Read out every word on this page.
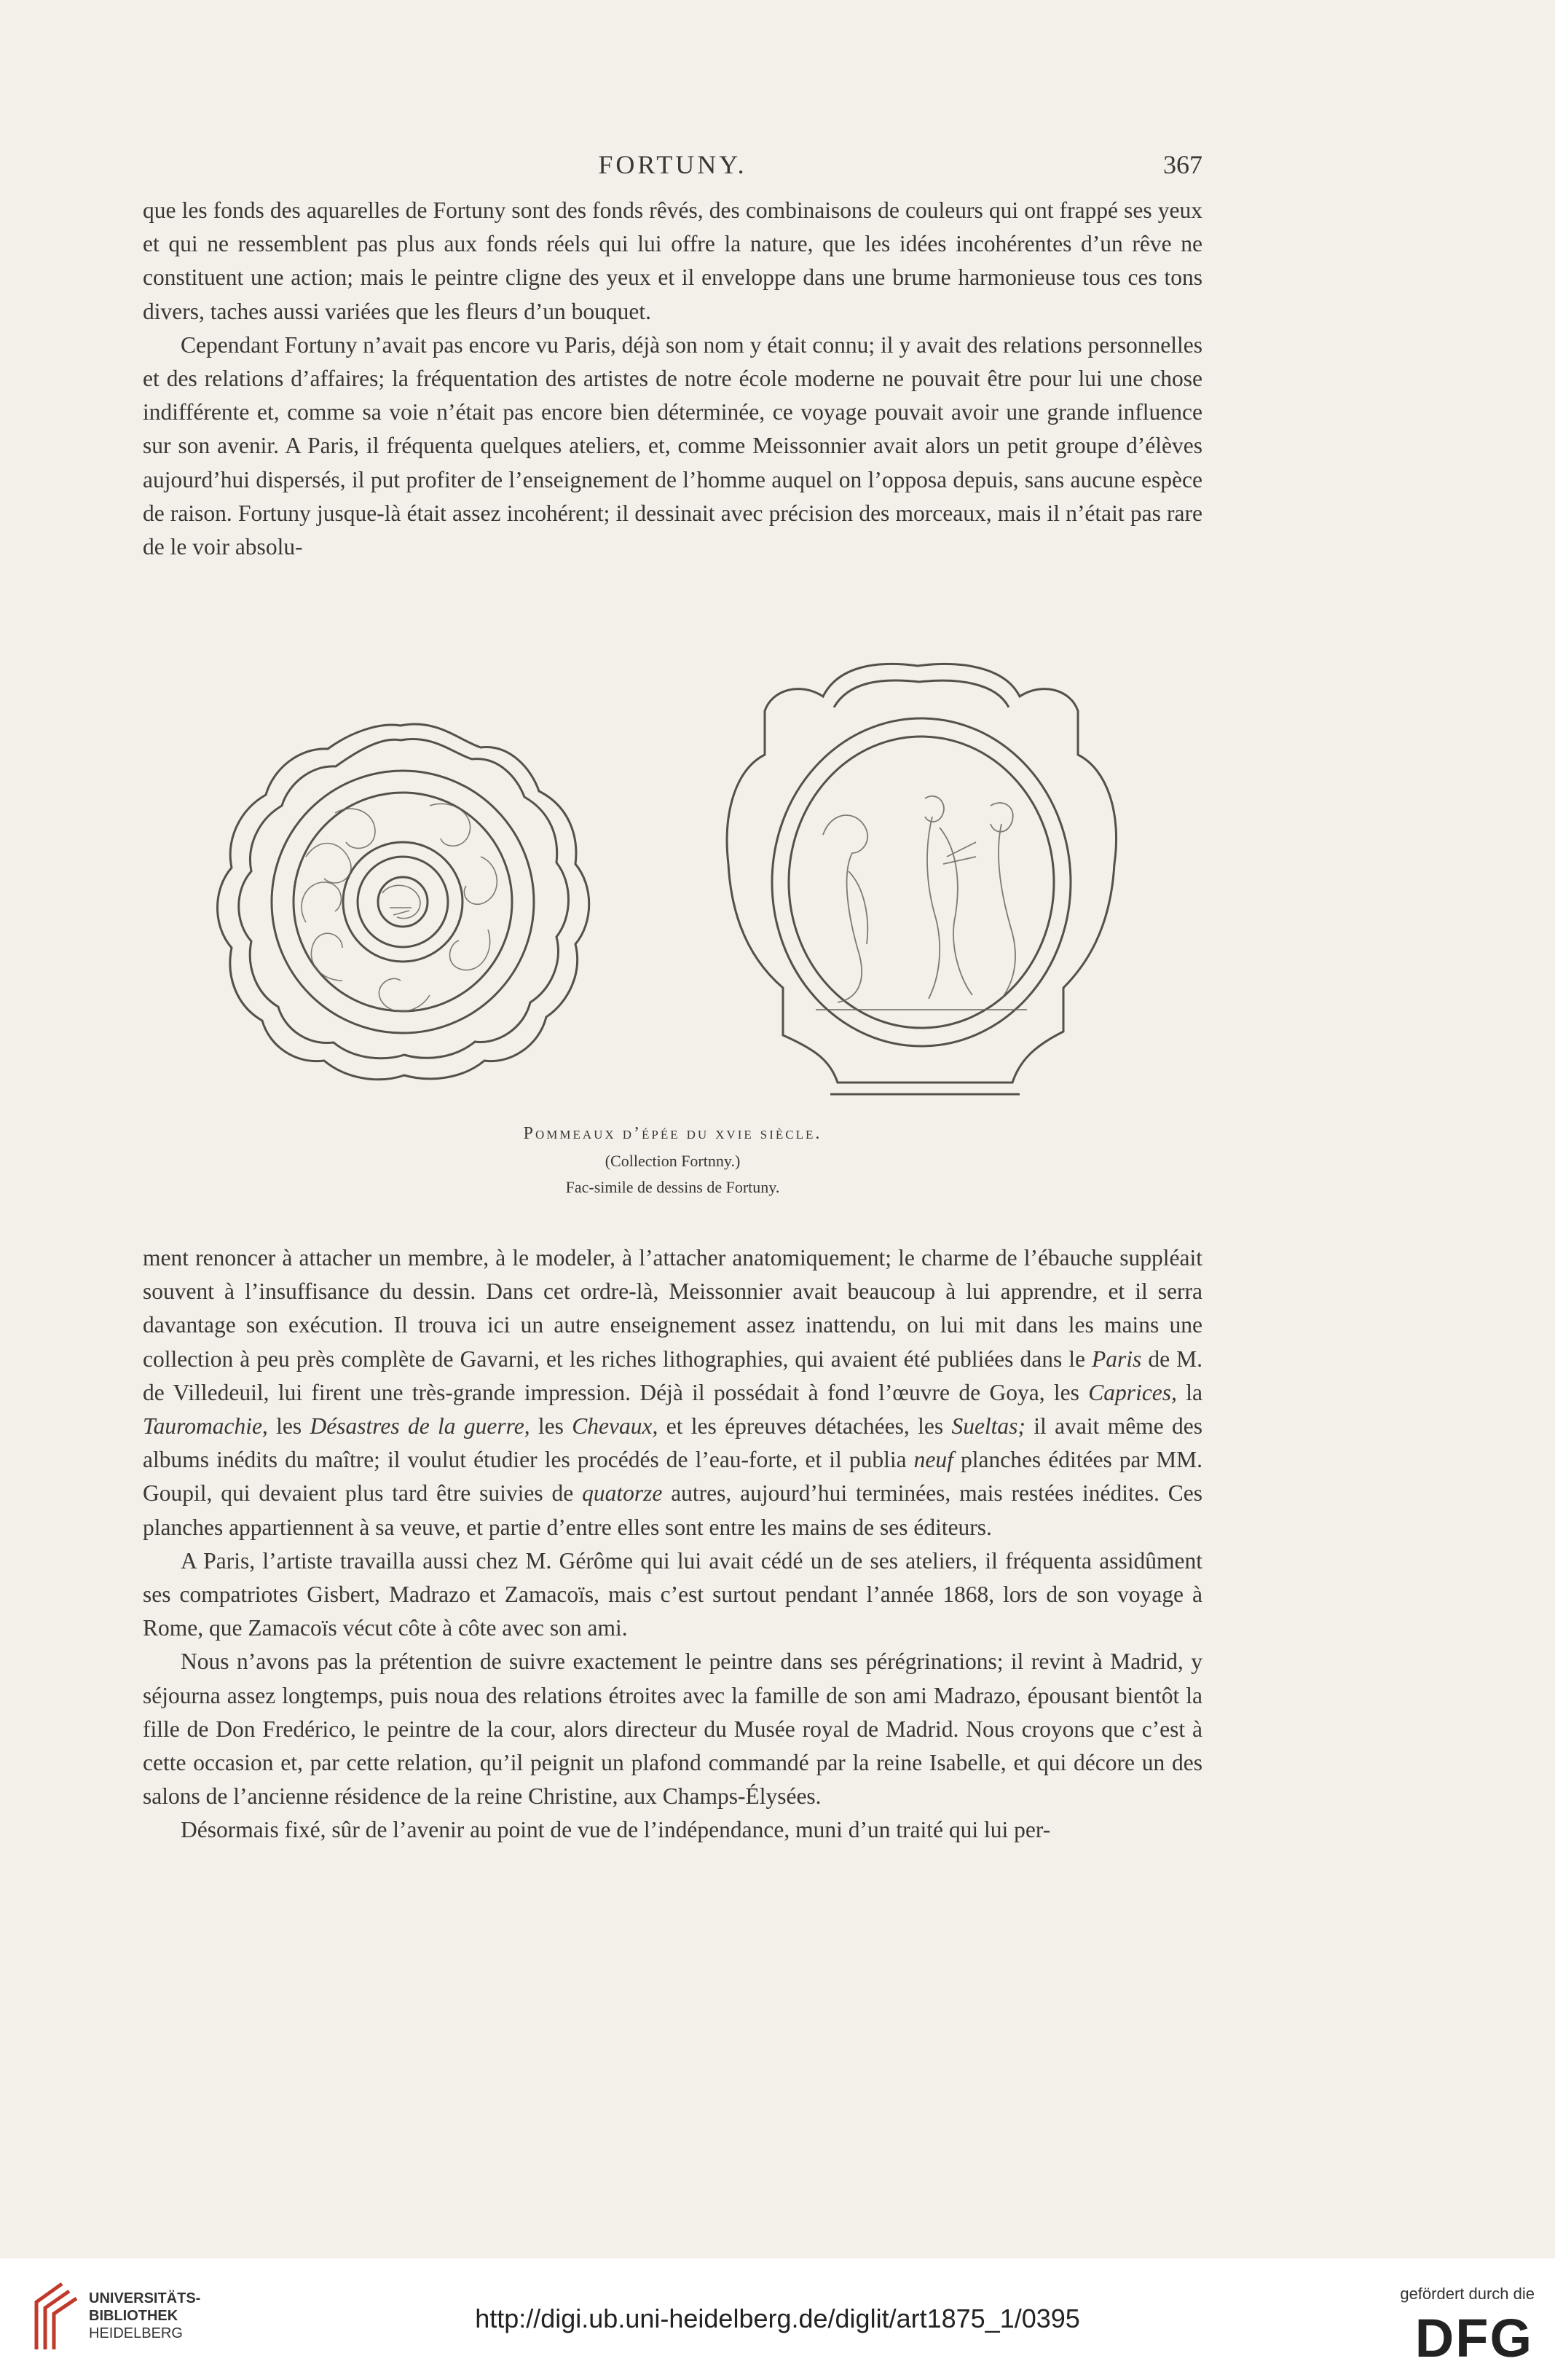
FORTUNY.	367

que les fonds des aquarelles de Fortuny sont des fonds rêvés, des combinaisons de couleurs qui ont frappé ses yeux et qui ne ressemblent pas plus aux fonds réels qui lui offre la nature, que les idées incohérentes d’un rêve ne constituent une action; mais le peintre cligne des yeux et il enveloppe dans une brume harmonieuse tous ces tons divers, taches aussi variées que les fleurs d’un bouquet.

Cependant Fortuny n’avait pas encore vu Paris, déjà son nom y était connu; il y avait des relations personnelles et des relations d’affaires; la fréquentation des artistes de notre école moderne ne pouvait être pour lui une chose indifférente et, comme sa voie n’était pas encore bien déterminée, ce voyage pouvait avoir une grande influence sur son avenir. A Paris, il fréquenta quelques ateliers, et, comme Meissonnier avait alors un petit groupe d’élèves aujourd’hui dispersés, il put profiter de l’enseignement de l’homme auquel on l’opposa depuis, sans aucune espèce de raison. Fortuny jusque-là était assez incohérent; il dessinait avec précision des morceaux, mais il n’était pas rare de le voir absolu-

Pommeaux d’épée du xvie siècle.
(Collection Fortnny.)
Fac-simile de dessins de Fortuny.

ment renoncer à attacher un membre, à le modeler, à l’attacher anatomiquement; le charme de l’ébauche suppléait souvent à l’insuffisance du dessin. Dans cet ordre-là, Meissonnier avait beaucoup à lui apprendre, et il serra davantage son exécution. Il trouva ici un autre enseignement assez inattendu, on lui mit dans les mains une collection à peu près complète de Gavarni, et les riches lithographies, qui avaient été publiées dans le Paris de M. de Villedeuil, lui firent une très-grande impression. Déjà il possédait à fond l’œuvre de Goya, les Caprices, la Tauromachie, les Désastres de la guerre, les Chevaux, et les épreuves détachées, les Sueltas; il avait même des albums inédits du maître; il voulut étudier les procédés de l’eau-forte, et il publia neuf planches éditées par MM. Goupil, qui devaient plus tard être suivies de quatorze autres, aujourd’hui terminées, mais restées inédites. Ces planches appartiennent à sa veuve, et partie d’entre elles sont entre les mains de ses éditeurs.

A Paris, l’artiste travailla aussi chez M. Gérôme qui lui avait cédé un de ses ateliers, il fréquenta assidûment ses compatriotes Gisbert, Madrazo et Zamacoïs, mais c’est surtout pendant l’année 1868, lors de son voyage à Rome, que Zamacoïs vécut côte à côte avec son ami.

Nous n’avons pas la prétention de suivre exactement le peintre dans ses pérégrinations; il revint à Madrid, y séjourna assez longtemps, puis noua des relations étroites avec la famille de son ami Madrazo, épousant bientôt la fille de Don Fredérico, le peintre de la cour, alors directeur du Musée royal de Madrid. Nous croyons que c’est à cette occasion et, par cette relation, qu’il peignit un plafond commandé par la reine Isabelle, et qui décore un des salons de l’ancienne résidence de la reine Christine, aux Champs-Élysées.

Désormais fixé, sûr de l’avenir au point de vue de l’indépendance, muni d’un traité qui lui per-

UNIVERSITÄTS-
BIBLIOTHEK
HEIDELBERG	http://digi.ub.uni-heidelberg.de/diglit/art1875_1/0395
gefördert durch die
DFG
